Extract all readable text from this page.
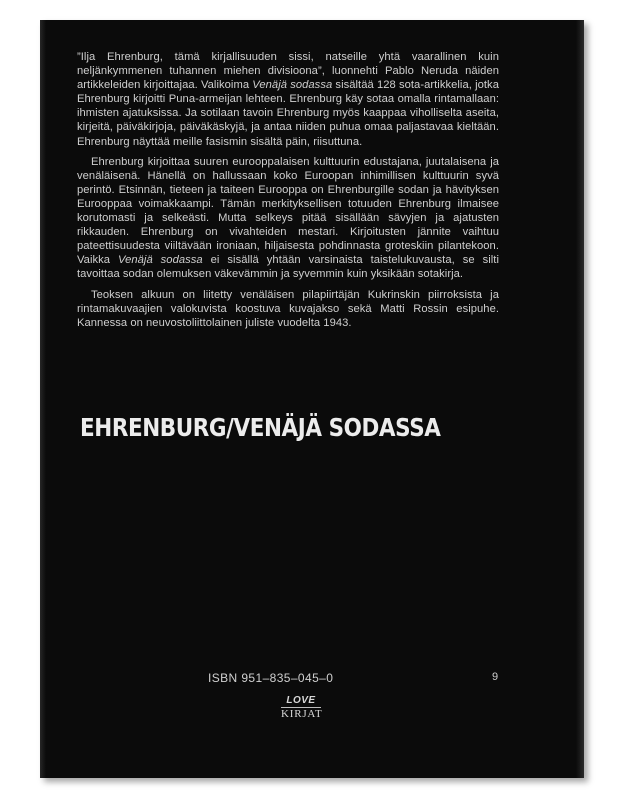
”Ilja Ehrenburg, tämä kirjallisuuden sissi, natseille yhtä vaarallinen kuin neljänkymmenen tuhannen miehen divisioona”, luonnehti Pablo Neruda näiden artikkeleiden kirjoittajaa. Valikoima Venäjä sodassa sisältää 128 sota-artikkelia, jotka Ehrenburg kirjoitti Puna-armeijan lehteen. Ehrenburg käy sotaa omalla rintamallaan: ihmisten ajatuksissa. Ja sotilaan tavoin Ehrenburg myös kaappaa viholliselta aseita, kirjeitä, päiväkirjoja, päiväkäskyjä, ja antaa niiden puhua omaa paljastavaa kieltään. Ehrenburg näyttää meille fasismin sisältä päin, riisuttuna.

Ehrenburg kirjoittaa suuren eurooppalaisen kulttuurin edustajana, juutalaisena ja venäläisenä. Hänellä on hallussaan koko Euroopan inhimillisen kulttuurin syvä perintö. Etsinnän, tieteen ja taiteen Eurooppa on Ehrenburgille sodan ja hävityksen Eurooppaa voimakkaampi. Tämän merkityksellisen totuuden Ehrenburg ilmaisee korutomasti ja selkeästi. Mutta selkeys pitää sisällään sävyjen ja ajatusten rikkauden. Ehrenburg on vivahteiden mestari. Kirjoitusten jännite vaihtuu pateettisuudesta viiltävään ironiaan, hiljaisesta pohdinnasta groteskiin pilantekoon. Vaikka Venäjä sodassa ei sisällä yhtään varsinaista taistelukuvausta, se silti tavoittaa sodan olemuksen väkevämmin ja syvemmin kuin yksikään sotakirja.

Teoksen alkuun on liitetty venäläisen pilapiirtäjän Kukrinskin piirroksista ja rintamakuvaajien valokuvista koostuva kuvajakso sekä Matti Rossin esipuhe. Kannessa on neuvostoliittolainen juliste vuodelta 1943.

EHRENBURG/VENÄJÄ SODASSA
ISBN 951–835–045–0	9
LOVE
KIRJAT
